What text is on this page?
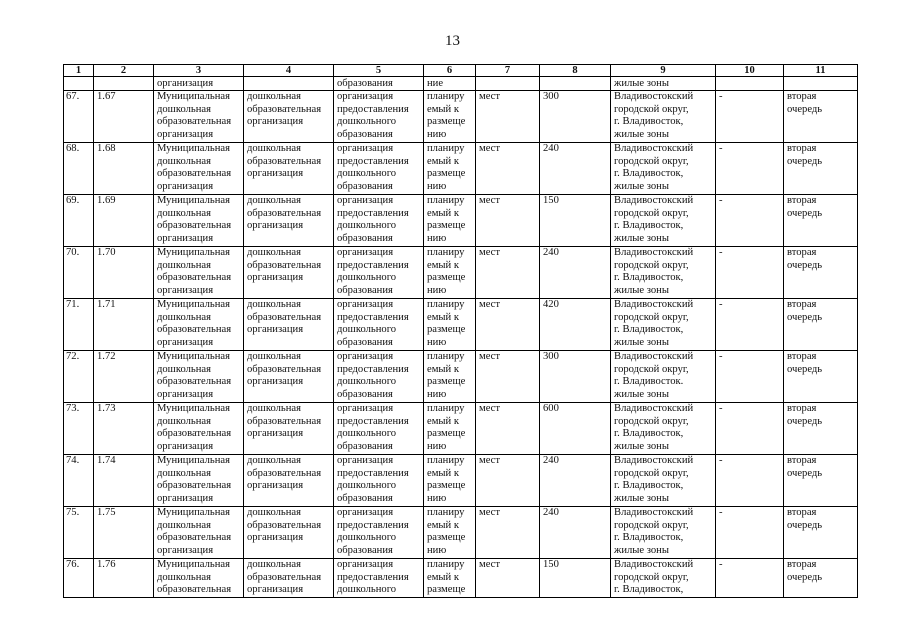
13
1	2	3	4	5	6	7	8	9	10	11
		организация		образования	ние			жилые зоны		
67.	1.67	Муниципальная
дошкольная
образовательная
организация	дошкольная
образовательная
организация	организация
предоставления
дошкольного
образования	планиру
емый к
размеще
нию	мест	300	Владивостокский
городской округ,
г. Владивосток,
жилые зоны	-	вторая
очередь

68.	1.68	Муниципальная
дошкольная
образовательная
организация	дошкольная
образовательная
организация	организация
предоставления
дошкольного
образования	планиру
емый к
размеще
нию	мест	240	Владивостокский
городской округ,
г. Владивосток,
жилые зоны	-	вторая
очередь

69.	1.69	Муниципальная
дошкольная
образовательная
организация	дошкольная
образовательная
организация	организация
предоставления
дошкольного
образования	планиру
емый к
размеще
нию	мест	150	Владивостокский
городской округ,
г. Владивосток,
жилые зоны	-	вторая
очередь

70.	1.70	Муниципальная
дошкольная
образовательная
организация	дошкольная
образовательная
организация	организация
предоставления
дошкольного
образования	планиру
емый к
размеще
нию	мест	240	Владивостокский
городской округ,
г. Владивосток,
жилые зоны	-	вторая
очередь

71.	1.71	Муниципальная
дошкольная
образовательная
организация	дошкольная
образовательная
организация	организация
предоставления
дошкольного
образования	планиру
емый к
размеще
нию	мест	420	Владивостокский
городской округ,
г. Владивосток,
жилые зоны	-	вторая
очередь

72.	1.72	Муниципальная
дошкольная
образовательная
организация	дошкольная
образовательная
организация	организация
предоставления
дошкольного
образования	планиру
емый к
размеще
нию	мест	300	Владивостокский
городской округ,
г. Владивосток.
жилые зоны	-	вторая
очередь

73.	1.73	Муниципальная
дошкольная
образовательная
организация	дошкольная
образовательная
организация	организация
предоставления
дошкольного
образования	планиру
емый к
размеще
нию	мест	600	Владивостокский
городской округ,
г. Владивосток,
жилые зоны	-	вторая
очередь

74.	1.74	Муниципальная
дошкольная
образовательная
организация	дошкольная
образовательная
организация	организация
предоставления
дошкольного
образования	планиру
емый к
размеще
нию	мест	240	Владивостокский
городской округ,
г. Владивосток,
жилые зоны	-	вторая
очередь

75.	1.75	Муниципальная
дошкольная
образовательная
организация	дошкольная
образовательная
организация	организация
предоставления
дошкольного
образования	планиру
емый к
размеще
нию	мест	240	Владивостокский
городской округ,
г. Владивосток,
жилые зоны	-	вторая
очередь

76.	1.76	Муниципальная
дошкольная
образовательная	дошкольная
образовательная
организация	организация
предоставления
дошкольного	планиру
емый к
размеще	мест	150	Владивостокский
городской округ,
г. Владивосток,	-	вторая
очередь
